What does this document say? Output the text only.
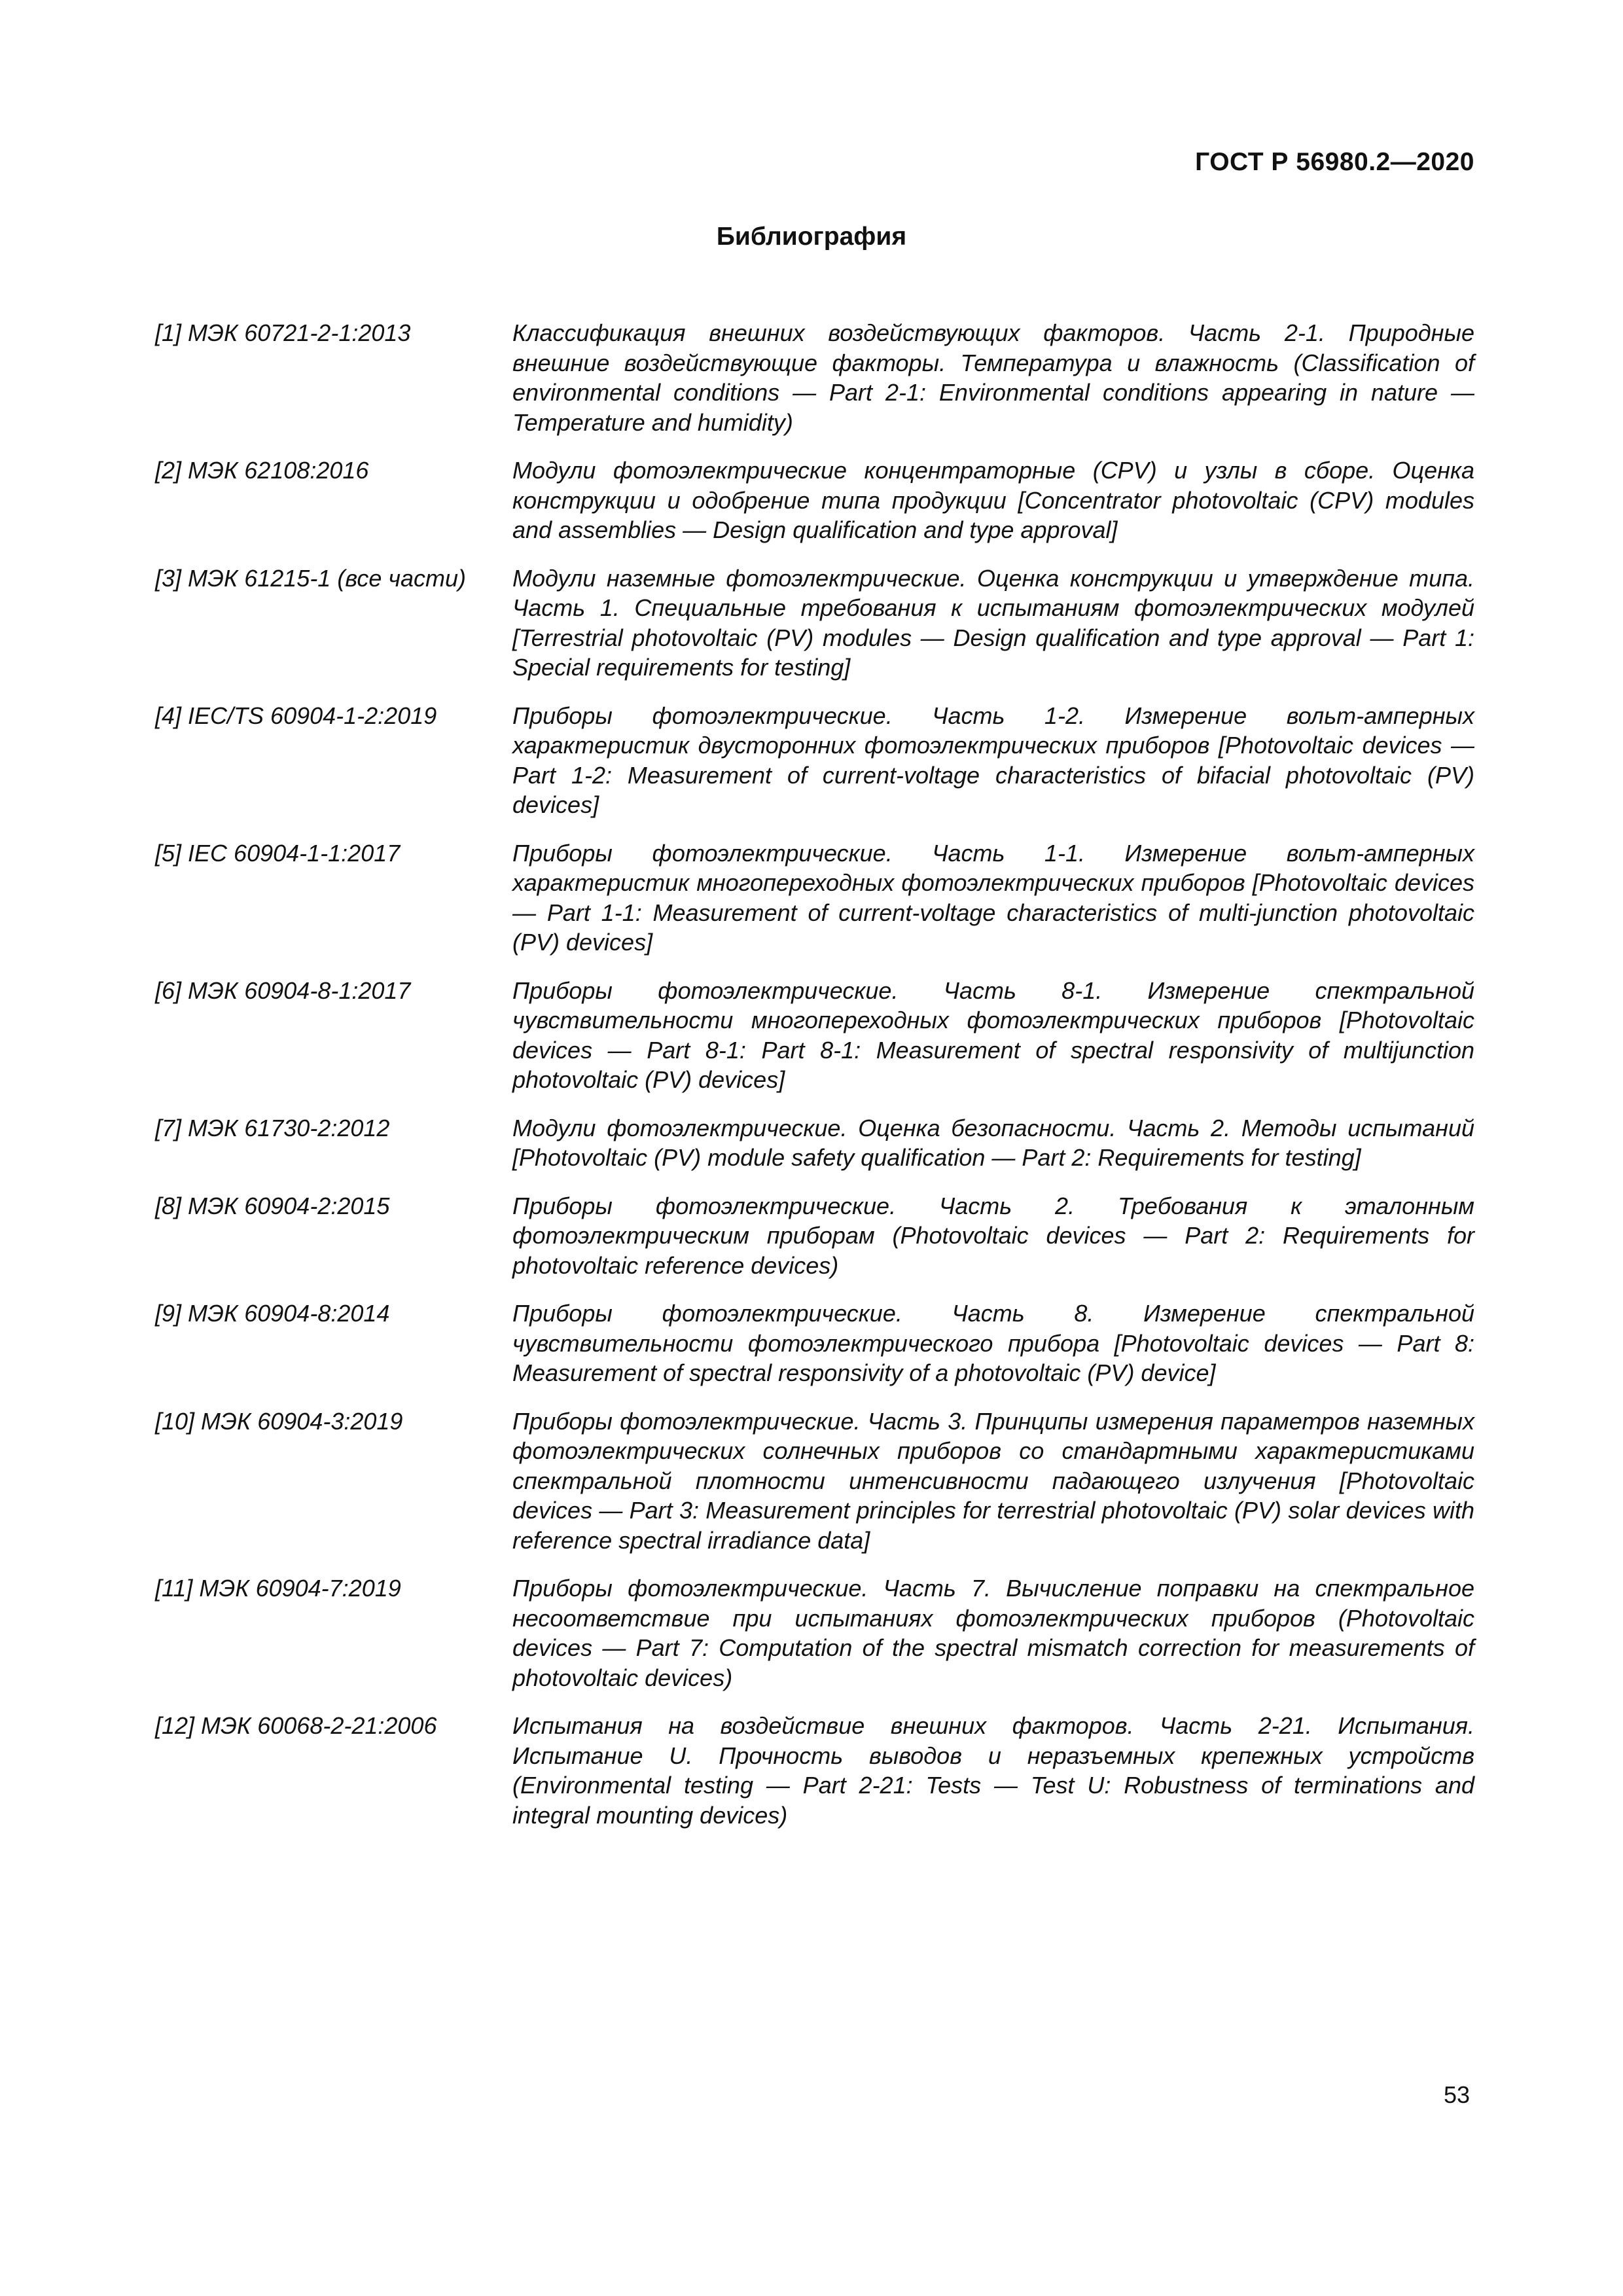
ГОСТ Р 56980.2—2020
Библиография
[1] МЭК 60721-2-1:2013	Классификация внешних воздействующих факторов. Часть 2-1. Природные внешние воздействующие факторы. Температура и влажность (Classification of environmental conditions — Part 2-1: Environmental conditions appearing in nature — Temperature and humidity)
[2] МЭК 62108:2016	Модули фотоэлектрические концентраторные (CPV) и узлы в сборе. Оценка конструкции и одобрение типа продукции [Concentrator photovoltaic (CPV) modules and assemblies — Design qualification and type approval]
[3] МЭК 61215-1 (все части)	Модули наземные фотоэлектрические. Оценка конструкции и утверждение типа. Часть 1. Специальные требования к испытаниям фотоэлектрических модулей [Terrestrial photovoltaic (PV) modules — Design qualification and type approval — Part 1: Special requirements for testing]
[4] IEC/TS 60904-1-2:2019	Приборы фотоэлектрические. Часть 1-2. Измерение вольт-амперных характеристик двусторонних фотоэлектрических приборов [Photovoltaic devices — Part 1-2: Measurement of current-voltage characteristics of bifacial photovoltaic (PV) devices]
[5] IEC 60904-1-1:2017	Приборы фотоэлектрические. Часть 1-1. Измерение вольт-амперных характеристик многопереходных фотоэлектрических приборов [Photovoltaic devices — Part 1-1: Measurement of current-voltage characteristics of multi-junction photovoltaic (PV) devices]
[6] МЭК 60904-8-1:2017	Приборы фотоэлектрические. Часть 8-1. Измерение спектральной чувствительности многопереходных фотоэлектрических приборов [Photovoltaic devices — Part 8-1: Part 8-1: Measurement of spectral responsivity of multijunction photovoltaic (PV) devices]
[7] МЭК 61730-2:2012	Модули фотоэлектрические. Оценка безопасности. Часть 2. Методы испытаний [Photovoltaic (PV) module safety qualification — Part 2: Requirements for testing]
[8] МЭК 60904-2:2015	Приборы фотоэлектрические. Часть 2. Требования к эталонным фотоэлектрическим приборам (Photovoltaic devices — Part 2: Requirements for photovoltaic reference devices)
[9] МЭК 60904-8:2014	Приборы фотоэлектрические. Часть 8. Измерение спектральной чувствительности фотоэлектрического прибора [Photovoltaic devices — Part 8: Measurement of spectral responsivity of a photovoltaic (PV) device]
[10] МЭК 60904-3:2019	Приборы фотоэлектрические. Часть 3. Принципы измерения параметров наземных фотоэлектрических солнечных приборов со стандартными характеристиками спектральной плотности интенсивности падающего излучения [Photovoltaic devices — Part 3: Measurement principles for terrestrial photovoltaic (PV) solar devices with reference spectral irradiance data]
[11] МЭК 60904-7:2019	Приборы фотоэлектрические. Часть 7. Вычисление поправки на спектральное несоответствие при испытаниях фотоэлектрических приборов (Photovoltaic devices — Part 7: Computation of the spectral mismatch correction for measurements of photovoltaic devices)
[12] МЭК 60068-2-21:2006	Испытания на воздействие внешних факторов. Часть 2-21. Испытания. Испытание U. Прочность выводов и неразъемных крепежных устройств (Environmental testing — Part 2-21: Tests — Test U: Robustness of terminations and integral mounting devices)
53
